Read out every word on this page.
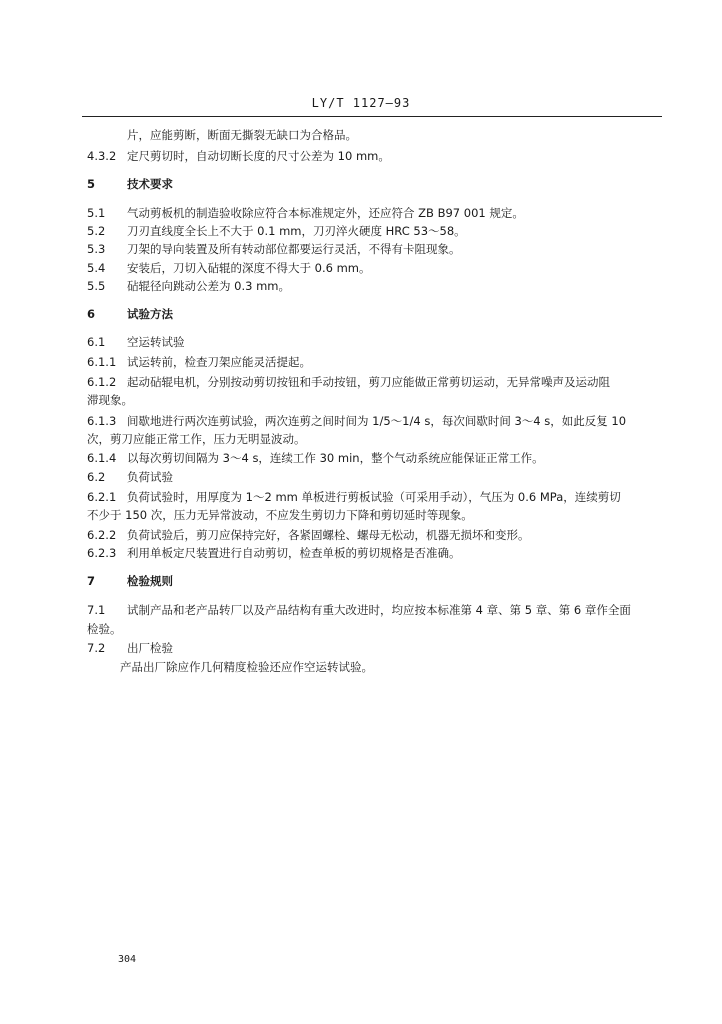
LY/T 1127—93
片，应能剪断，断面无撕裂无缺口为合格品。
4.3.2 定尺剪切时，自动切断长度的尺寸公差为 10 mm。
5	技术要求
5.1 气动剪板机的制造验收除应符合本标准规定外，还应符合 ZB B97 001 规定。
5.2 刀刃直线度全长上不大于 0.1 mm，刀刃淬火硬度 HRC 53～58。
5.3 刀架的导向装置及所有转动部位都要运行灵活，不得有卡阻现象。
5.4 安装后，刀切入砧辊的深度不得大于 0.6 mm。
5.5 砧辊径向跳动公差为 0.3 mm。
6	试验方法
6.1 空运转试验
6.1.1 试运转前，检查刀架应能灵活提起。
6.1.2 起动砧辊电机，分别按动剪切按钮和手动按钮，剪刀应能做正常剪切运动，无异常噪声及运动阻
滞现象。
6.1.3 间歇地进行两次连剪试验，两次连剪之间时间为 1/5～1/4 s，每次间歇时间 3～4 s，如此反复 10
次，剪刀应能正常工作，压力无明显波动。
6.1.4 以每次剪切间隔为 3～4 s，连续工作 30 min，整个气动系统应能保证正常工作。
6.2 负荷试验
6.2.1 负荷试验时，用厚度为 1～2 mm 单板进行剪板试验（可采用手动），气压为 0.6 MPa，连续剪切
不少于 150 次，压力无异常波动，不应发生剪切力下降和剪切延时等现象。
6.2.2 负荷试验后，剪刀应保持完好，各紧固螺栓、螺母无松动，机器无损坏和变形。
6.2.3 利用单板定尺装置进行自动剪切，检查单板的剪切规格是否准确。
7	检验规则
7.1 试制产品和老产品转厂以及产品结构有重大改进时，均应按本标准第 4 章、第 5 章、第 6 章作全面
检验。
7.2 出厂检验
产品出厂除应作几何精度检验还应作空运转试验。
304
